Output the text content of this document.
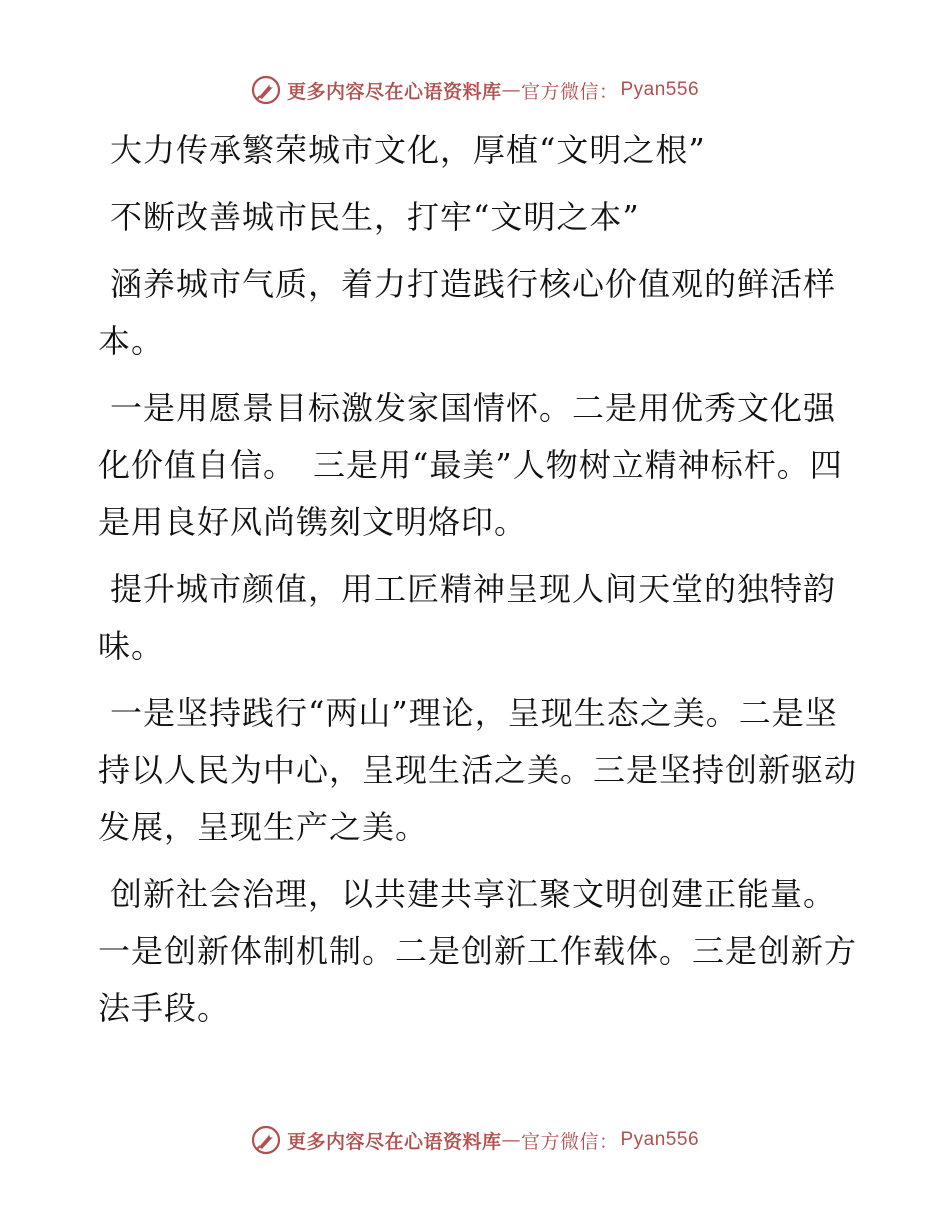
更多内容尽在心语资料库 — 官方微信： Pyan556

大力传承繁荣城市文化，厚植“文明之根”

不断改善城市民生，打牢“文明之本”

涵养城市气质，着力打造践行核心价值观的鲜活样本。

一是用愿景目标激发家国情怀。二是用优秀文化强化价值自信。　三是用“最美”人物树立精神标杆。四是用良好风尚镌刻文明烙印。

提升城市颜值，用工匠精神呈现人间天堂的独特韵味。

一是坚持践行“两山”理论，呈现生态之美。二是坚持以人民为中心，呈现生活之美。三是坚持创新驱动发展，呈现生产之美。

创新社会治理，以共建共享汇聚文明创建正能量。一是创新体制机制。二是创新工作载体。三是创新方法手段。

更多内容尽在心语资料库 — 官方微信： Pyan556
